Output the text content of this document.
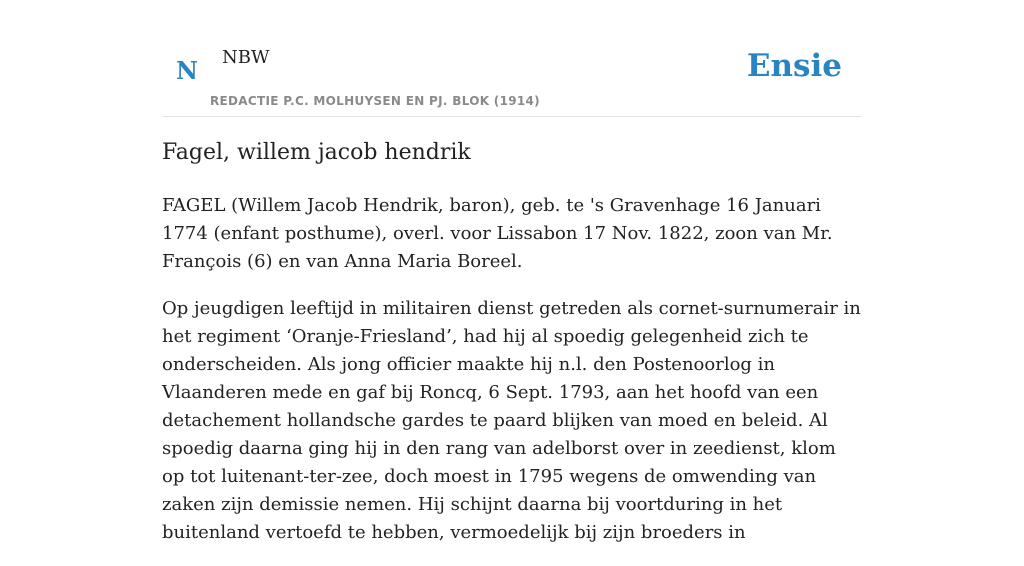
N NBW
REDACTIE P.C. MOLHUYSEN EN PJ. BLOK (1914)
Ensie
Fagel, willem jacob hendrik

FAGEL (Willem Jacob Hendrik, baron), geb. te 's Gravenhage 16 Januari 1774 (enfant posthume), overl. voor Lissabon 17 Nov. 1822, zoon van Mr. François (6) en van Anna Maria Boreel.

Op jeugdigen leeftijd in militairen dienst getreden als cornet-surnumerair in het regiment ‘Oranje-Friesland’, had hij al spoedig gelegenheid zich te onderscheiden. Als jong officier maakte hij n.l. den Postenoorlog in Vlaanderen mede en gaf bij Roncq, 6 Sept. 1793, aan het hoofd van een detachement hollandsche gardes te paard blijken van moed en beleid. Al spoedig daarna ging hij in den rang van adelborst over in zeedienst, klom op tot luitenant-ter-zee, doch moest in 1795 wegens de omwending van zaken zijn demissie nemen. Hij schijnt daarna bij voortduring in het buitenland vertoefd te hebben, vermoedelijk bij zijn broeders in
